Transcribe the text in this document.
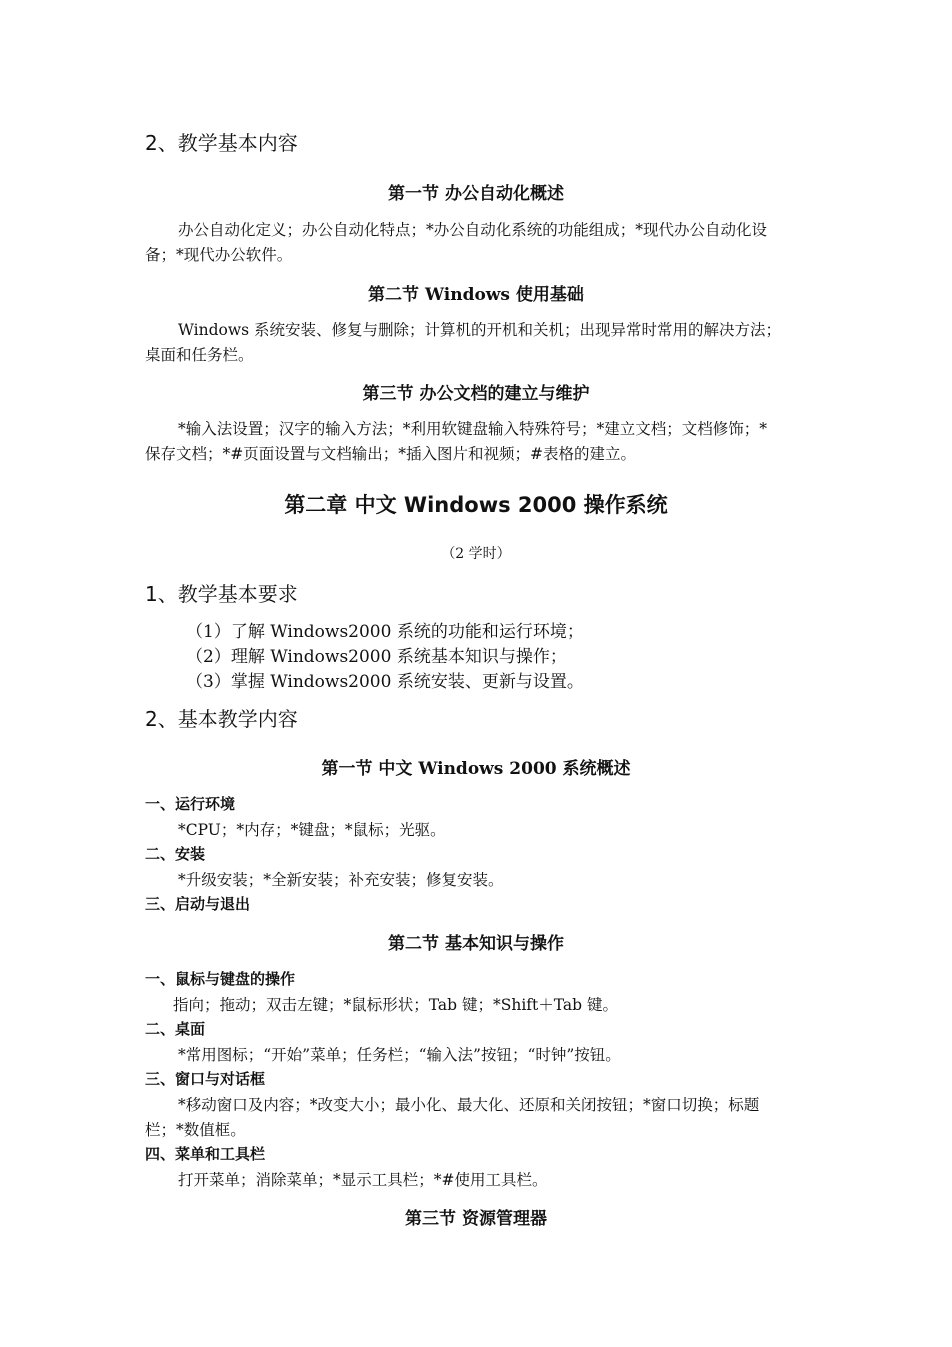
2、教学基本内容
第一节 办公自动化概述
办公自动化定义；办公自动化特点；*办公自动化系统的功能组成；*现代办公自动化设
备；*现代办公软件。
第二节 Windows 使用基础
Windows 系统安装、修复与删除；计算机的开机和关机；出现异常时常用的解决方法；
桌面和任务栏。
第三节 办公文档的建立与维护
*输入法设置；汉字的输入方法；*利用软键盘输入特殊符号；*建立文档；文档修饰；*
保存文档；*#页面设置与文档输出；*插入图片和视频；#表格的建立。
第二章 中文 Windows 2000 操作系统
（2 学时）
1、教学基本要求
（1）了解 Windows2000 系统的功能和运行环境；
（2）理解 Windows2000 系统基本知识与操作；
（3）掌握 Windows2000 系统安装、更新与设置。
2、基本教学内容
第一节 中文 Windows 2000 系统概述
一、运行环境
*CPU；*内存；*键盘；*鼠标；光驱。
二、安装
*升级安装；*全新安装；补充安装；修复安装。
三、启动与退出
第二节 基本知识与操作
一、鼠标与键盘的操作
指向；拖动；双击左键；*鼠标形状；Tab 键；*Shift＋Tab 键。
二、桌面
*常用图标；“开始”菜单；任务栏；“输入法”按钮；“时钟”按钮。
三、窗口与对话框
*移动窗口及内容；*改变大小；最小化、最大化、还原和关闭按钮；*窗口切换；标题
栏；*数值框。
四、菜单和工具栏
打开菜单；消除菜单；*显示工具栏；*#使用工具栏。
第三节 资源管理器
